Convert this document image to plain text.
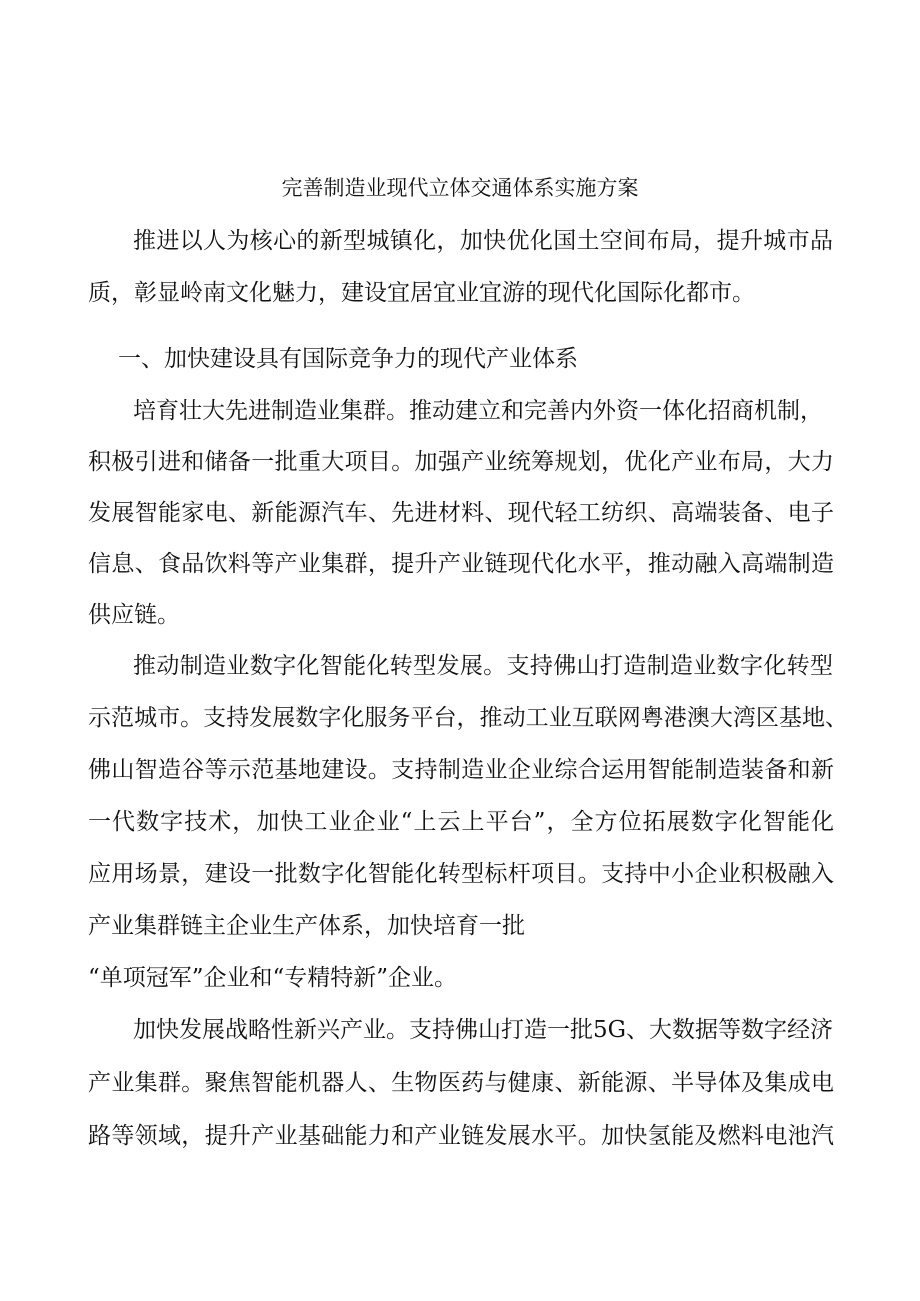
完善制造业现代立体交通体系实施方案
推进以人为核心的新型城镇化，加快优化国土空间布局，提升城市品
质，彰显岭南文化魅力，建设宜居宜业宜游的现代化国际化都市。
一、加快建设具有国际竞争力的现代产业体系
培育壮大先进制造业集群。推动建立和完善内外资一体化招商机制，
积极引进和储备一批重大项目。加强产业统筹规划，优化产业布局，大力
发展智能家电、新能源汽车、先进材料、现代轻工纺织、高端装备、电子
信息、食品饮料等产业集群，提升产业链现代化水平，推动融入高端制造
供应链。
推动制造业数字化智能化转型发展。支持佛山打造制造业数字化转型
示范城市。支持发展数字化服务平台，推动工业互联网粤港澳大湾区基地、
佛山智造谷等示范基地建设。支持制造业企业综合运用智能制造装备和新
一代数字技术，加快工业企业“上云上平台”，全方位拓展数字化智能化
应用场景，建设一批数字化智能化转型标杆项目。支持中小企业积极融入
产业集群链主企业生产体系，加快培育一批
“单项冠军”企业和“专精特新”企业。
加快发展战略性新兴产业。支持佛山打造一批5G、大数据等数字经济
产业集群。聚焦智能机器人、生物医药与健康、新能源、半导体及集成电
路等领域，提升产业基础能力和产业链发展水平。加快氢能及燃料电池汽
